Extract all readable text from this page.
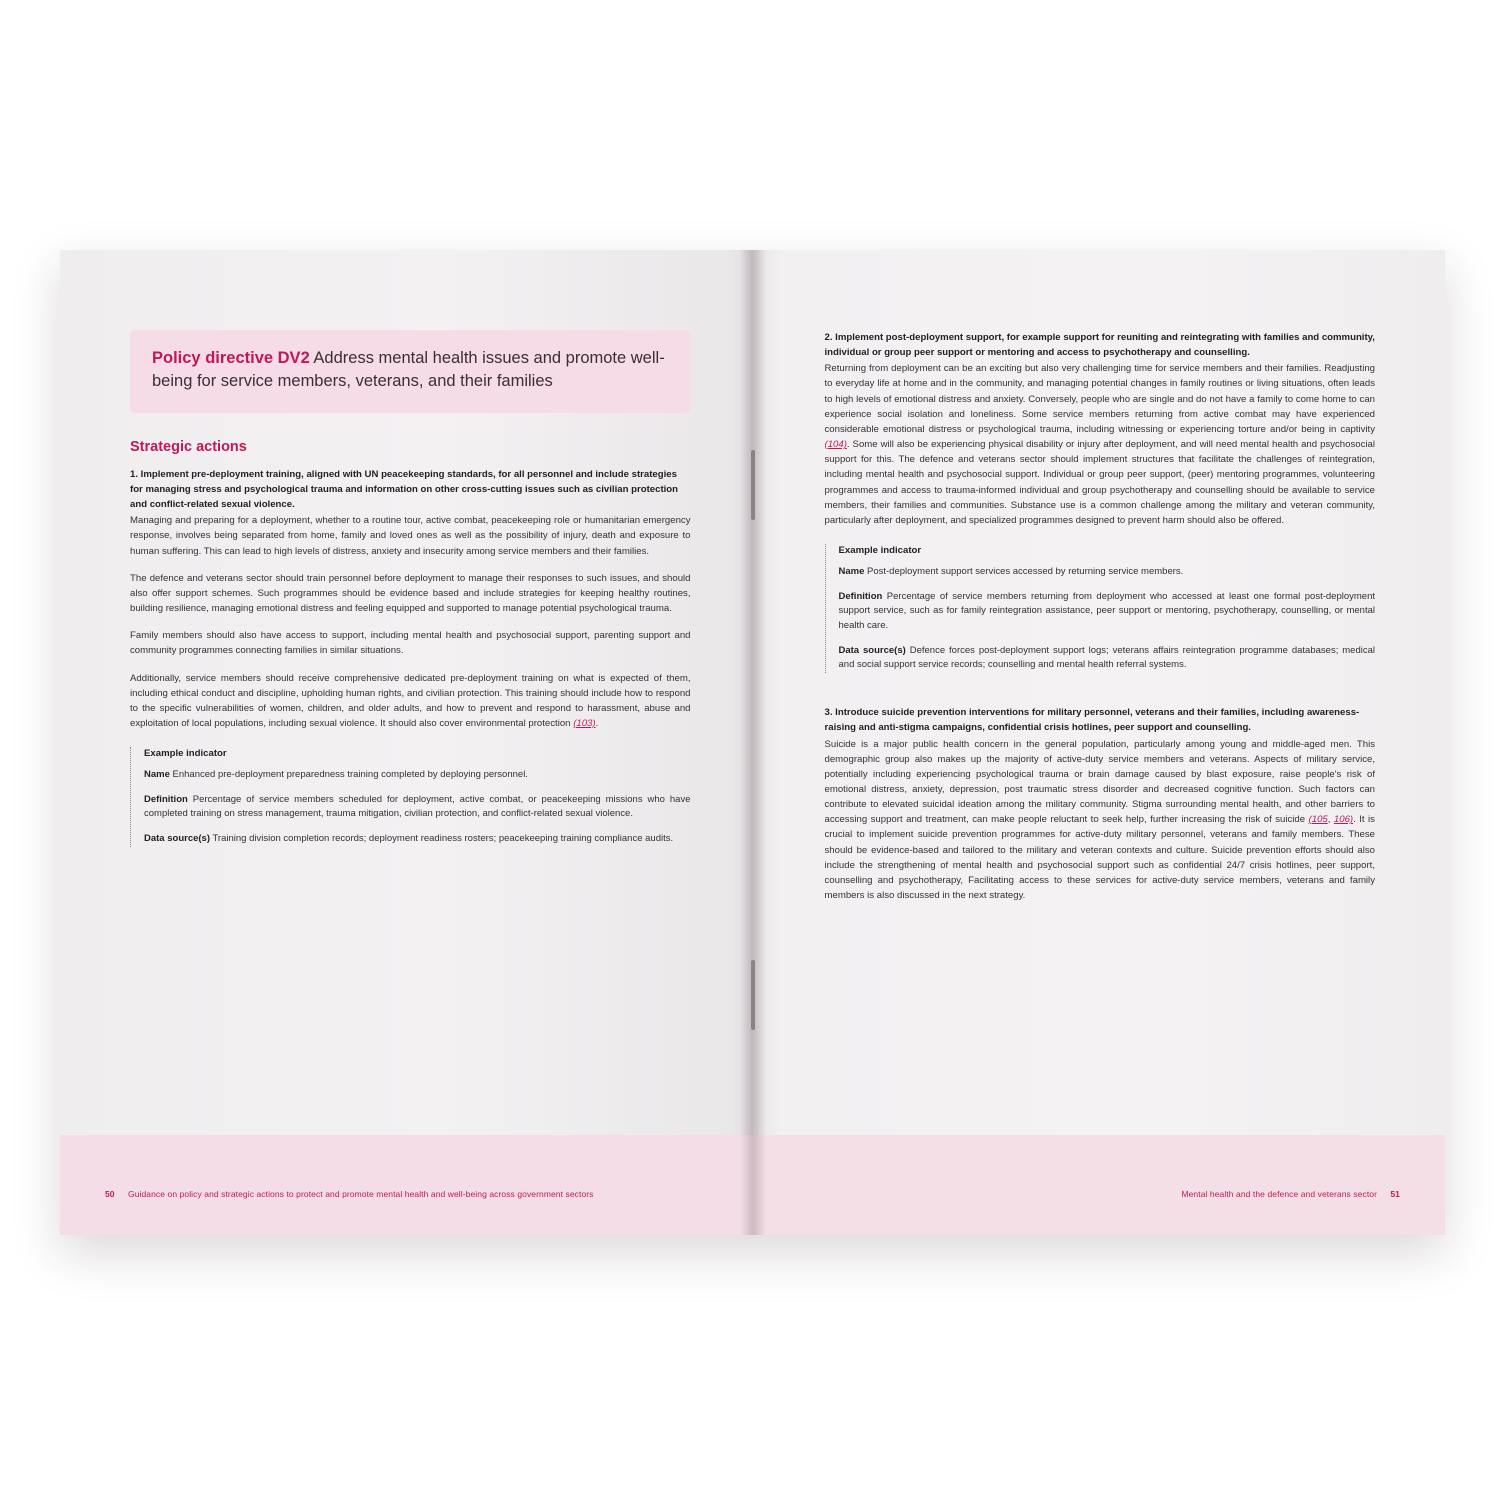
Policy directive DV2 Address mental health issues and promote well-being for service members, veterans, and their families
Strategic actions

1. Implement pre-deployment training, aligned with UN peacekeeping standards, for all personnel and include strategies for managing stress and psychological trauma and information on other cross-cutting issues such as civilian protection and conflict-related sexual violence.

Managing and preparing for a deployment, whether to a routine tour, active combat, peacekeeping role or humanitarian emergency response, involves being separated from home, family and loved ones as well as the possibility of injury, death and exposure to human suffering. This can lead to high levels of distress, anxiety and insecurity among service members and their families.

The defence and veterans sector should train personnel before deployment to manage their responses to such issues, and should also offer support schemes. Such programmes should be evidence based and include strategies for keeping healthy routines, building resilience, managing emotional distress and feeling equipped and supported to manage potential psychological trauma.

Family members should also have access to support, including mental health and psychosocial support, parenting support and community programmes connecting families in similar situations.

Additionally, service members should receive comprehensive dedicated pre-deployment training on what is expected of them, including ethical conduct and discipline, upholding human rights, and civilian protection. This training should include how to respond to the specific vulnerabilities of women, children, and older adults, and how to prevent and respond to harassment, abuse and exploitation of local populations, including sexual violence. It should also cover environmental protection (103).

Example indicator

Name Enhanced pre-deployment preparedness training completed by deploying personnel.

Definition Percentage of service members scheduled for deployment, active combat, or peacekeeping missions who have completed training on stress management, trauma mitigation, civilian protection, and conflict-related sexual violence.

Data source(s) Training division completion records; deployment readiness rosters; peacekeeping training compliance audits.

50 Guidance on policy and strategic actions to protect and promote mental health and well-being across government sectors

2. Implement post-deployment support, for example support for reuniting and reintegrating with families and community, individual or group peer support or mentoring and access to psychotherapy and counselling.

Returning from deployment can be an exciting but also very challenging time for service members and their families. Readjusting to everyday life at home and in the community, and managing potential changes in family routines or living situations, often leads to high levels of emotional distress and anxiety. Conversely, people who are single and do not have a family to come home to can experience social isolation and loneliness. Some service members returning from active combat may have experienced considerable emotional distress or psychological trauma, including witnessing or experiencing torture and/or being in captivity (104). Some will also be experiencing physical disability or injury after deployment, and will need mental health and psychosocial support for this. The defence and veterans sector should implement structures that facilitate the challenges of reintegration, including mental health and psychosocial support. Individual or group peer support, (peer) mentoring programmes, volunteering programmes and access to trauma-informed individual and group psychotherapy and counselling should be available to service members, their families and communities. Substance use is a common challenge among the military and veteran community, particularly after deployment, and specialized programmes designed to prevent harm should also be offered.

Example indicator

Name Post-deployment support services accessed by returning service members.

Definition Percentage of service members returning from deployment who accessed at least one formal post-deployment support service, such as for family reintegration assistance, peer support or mentoring, psychotherapy, counselling, or mental health care.

Data source(s) Defence forces post-deployment support logs; veterans affairs reintegration programme databases; medical and social support service records; counselling and mental health referral systems.

3. Introduce suicide prevention interventions for military personnel, veterans and their families, including awareness-raising and anti-stigma campaigns, confidential crisis hotlines, peer support and counselling.

Suicide is a major public health concern in the general population, particularly among young and middle-aged men. This demographic group also makes up the majority of active-duty service members and veterans. Aspects of military service, potentially including experiencing psychological trauma or brain damage caused by blast exposure, raise people's risk of emotional distress, anxiety, depression, post traumatic stress disorder and decreased cognitive function. Such factors can contribute to elevated suicidal ideation among the military community. Stigma surrounding mental health, and other barriers to accessing support and treatment, can make people reluctant to seek help, further increasing the risk of suicide (105, 106). It is crucial to implement suicide prevention programmes for active-duty military personnel, veterans and family members. These should be evidence-based and tailored to the military and veteran contexts and culture. Suicide prevention efforts should also include the strengthening of mental health and psychosocial support such as confidential 24/7 crisis hotlines, peer support, counselling and psychotherapy, Facilitating access to these services for active-duty service members, veterans and family members is also discussed in the next strategy.

Mental health and the defence and veterans sector 51
